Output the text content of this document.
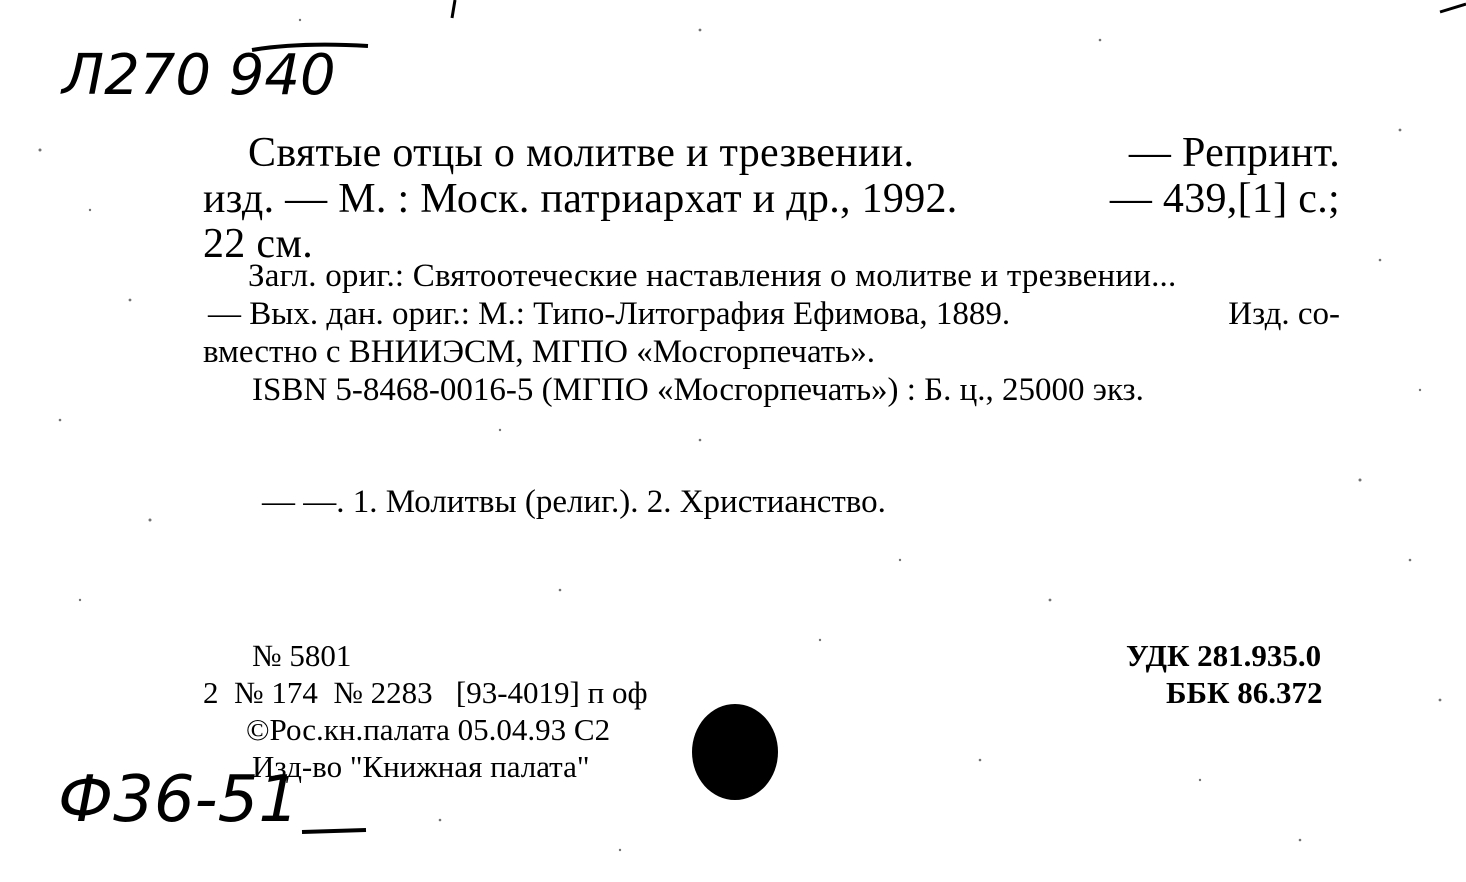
Л270 940
Святые отцы о молитве и трезвении.	— Репринт.
изд. — М. : Моск. патриархат и др., 1992.	— 439,[1] с.;
22 см.
Загл. ориг.: Святоотеческие наставления о молитве и трезвении...
— Вых. дан. ориг.: М.: Типо-Литография Ефимова, 1889.	Изд. со-
вместно с ВНИИЭСМ, МГПО «Мосгорпечать».
ISBN 5-8468-0016-5 (МГПО «Мосгорпечать») : Б. ц., 25000 экз.
— —. 1. Молитвы (религ.). 2. Христианство.
№ 5801
2  № 174  № 2283   [93-4019] п оф
©Рос.кн.палата 05.04.93 С2
Изд-во "Книжная палата"
УДК 281.935.0
ББК 86.372
Ф36-51
